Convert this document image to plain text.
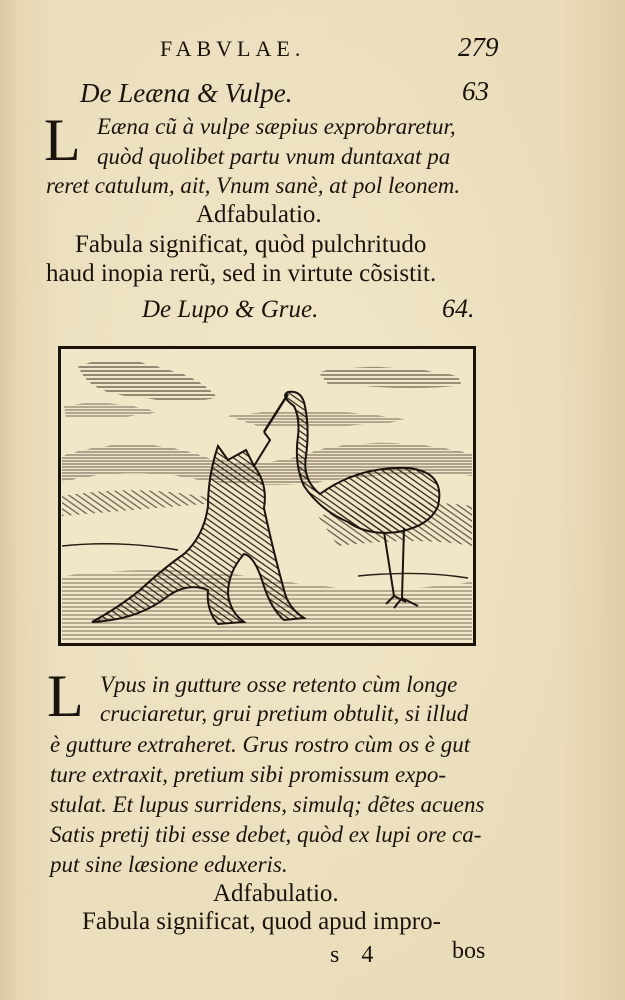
FABVLAE.	279
De Leæna & Vulpe.	63
L Eæna cũ à vulpe sæpius exprobraretur,
quòd quolibet partu vnum duntaxat pa
reret catulum, ait, Vnum sanè, at pol leonem.
Adfabulatio.
Fabula significat, quòd pulchritudo
haud inopia rerũ, sed in virtute cõsistit.
De Lupo & Grue.	64.
L Vpus in gutture osse retento cùm longe
cruciaretur, grui pretium obtulit, si illud
è gutture extraheret. Grus rostro cùm os è gut
ture extraxit, pretium sibi promissum expo-
stulat. Et lupus surridens, simulq; dẽtes acuens
Satis pretij tibi esse debet, quòd ex lupi ore ca-
put sine læsione eduxeris.
Adfabulatio.
Fabula significat, quod apud impro-
s 4	bos
